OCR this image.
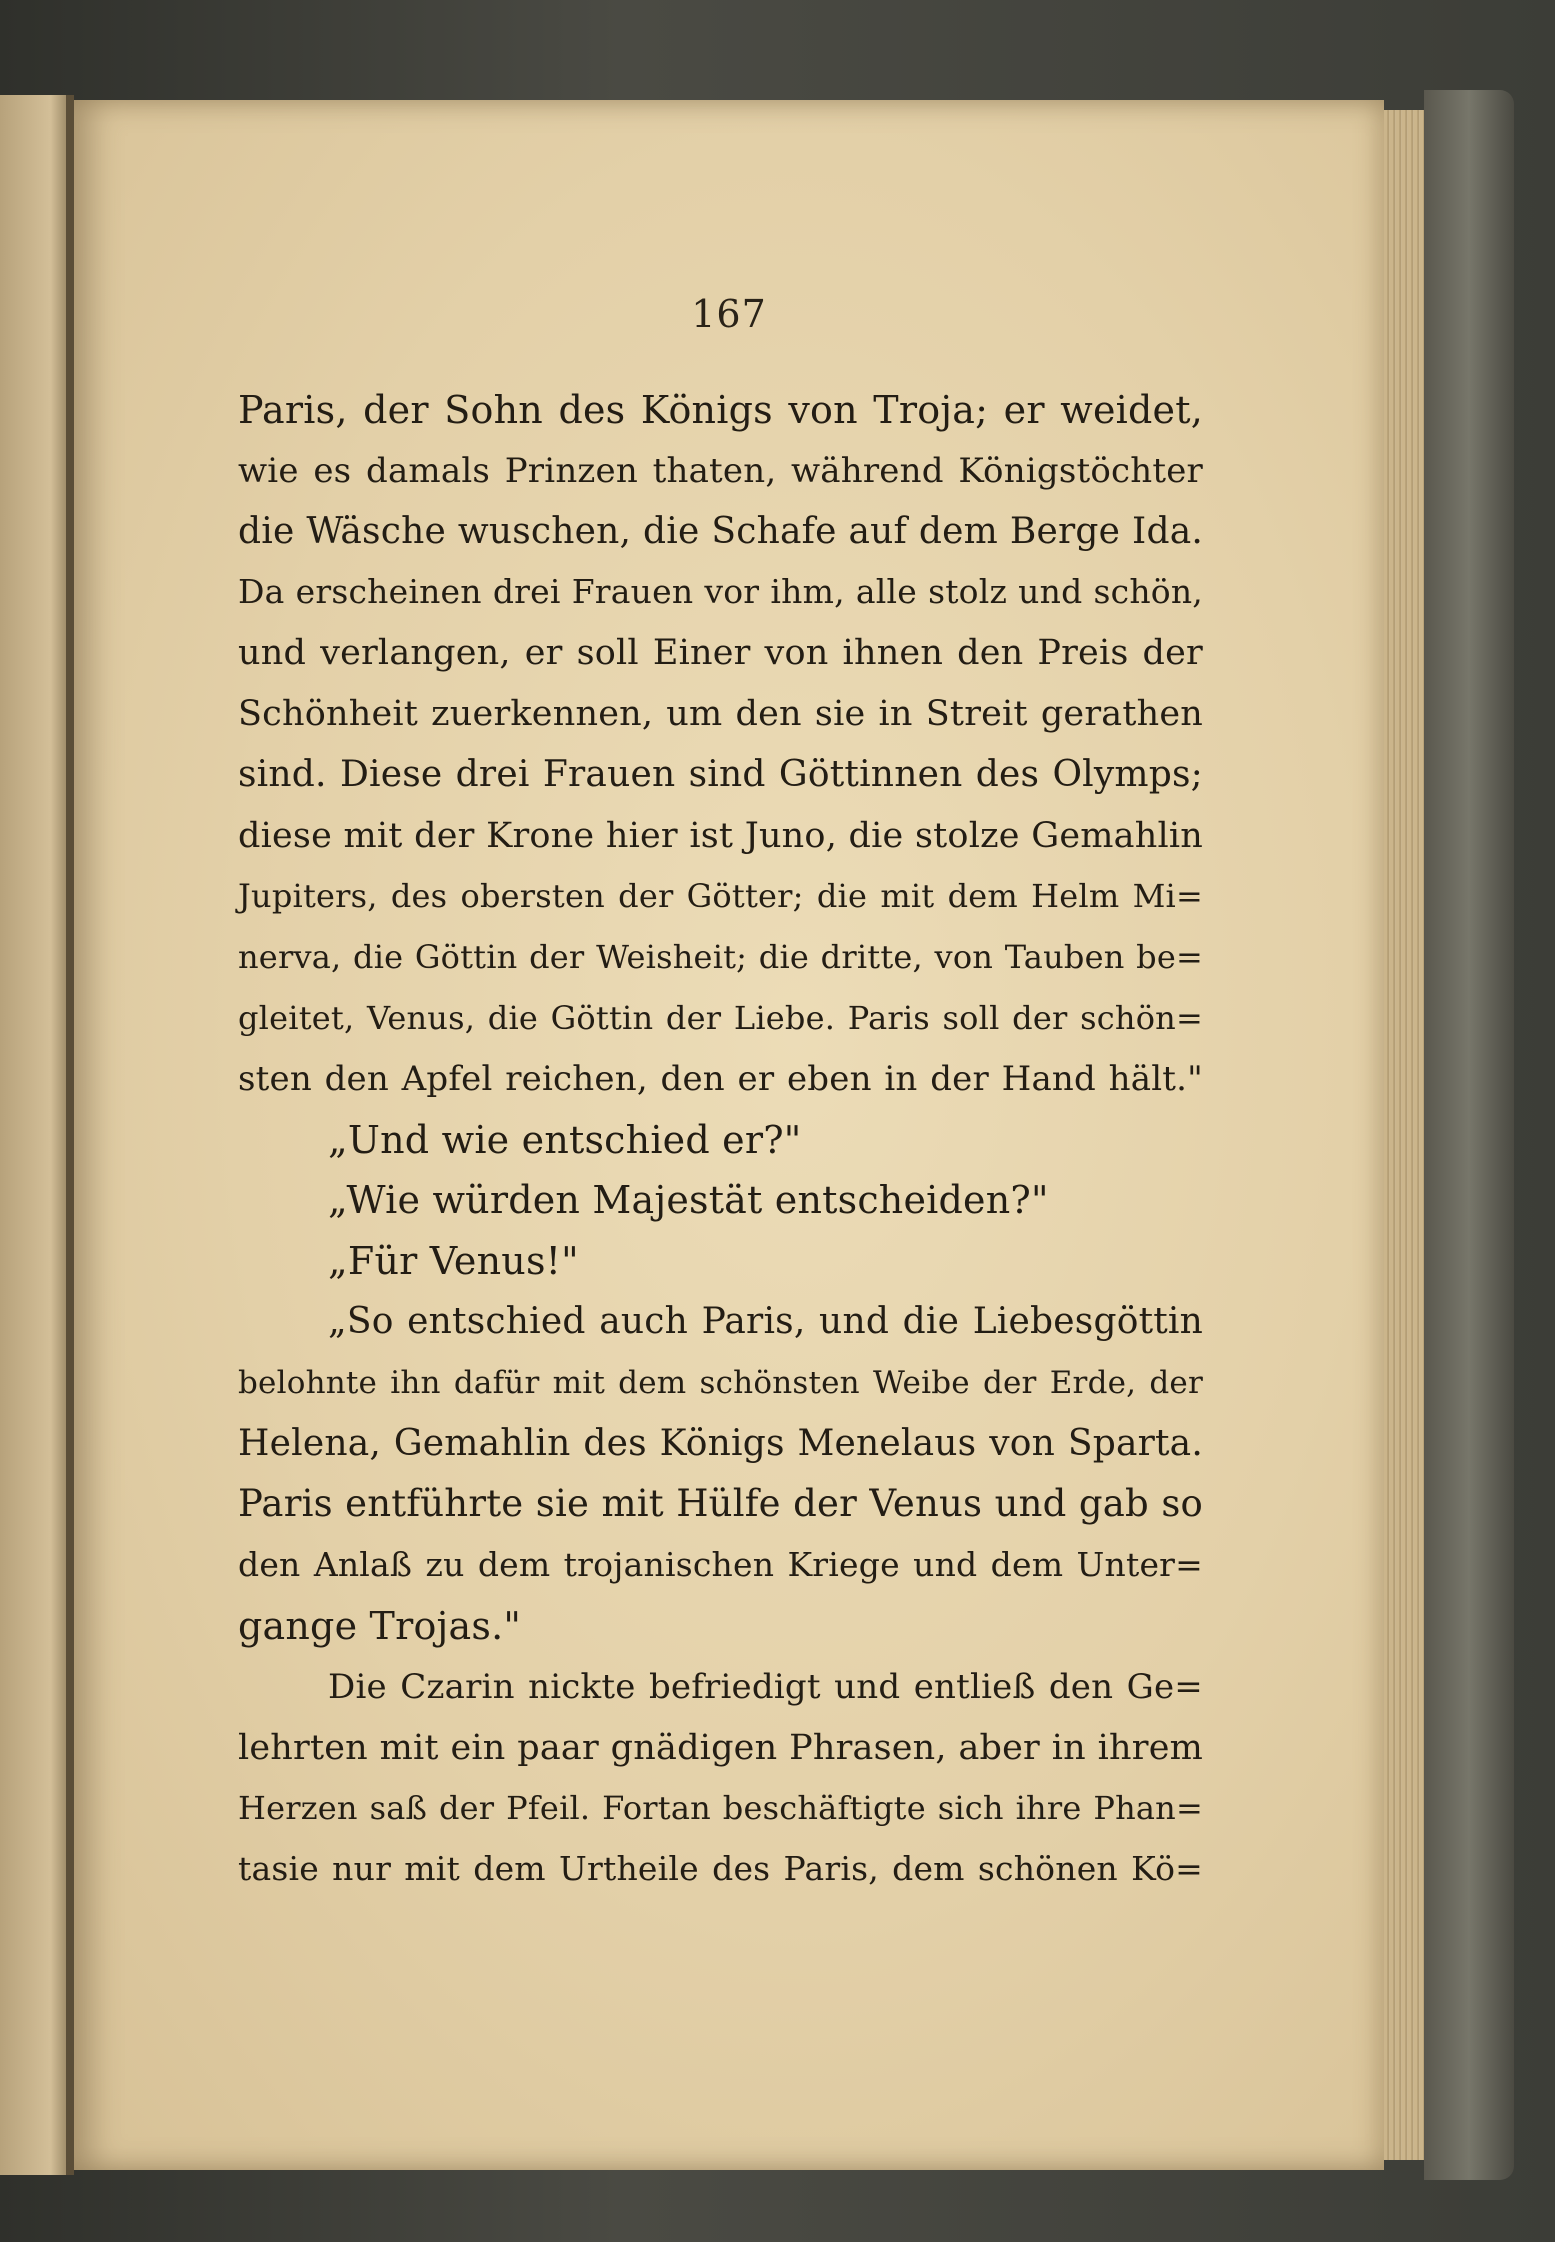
167
Paris, der Sohn des Königs von Troja; er weidet,
wie es damals Prinzen thaten, während Königstöchter
die Wäsche wuschen, die Schafe auf dem Berge Ida.
Da erscheinen drei Frauen vor ihm, alle stolz und schön,
und verlangen, er soll Einer von ihnen den Preis der
Schönheit zuerkennen, um den sie in Streit gerathen
sind. Diese drei Frauen sind Göttinnen des Olymps;
diese mit der Krone hier ist Juno, die stolze Gemahlin
Jupiters, des obersten der Götter; die mit dem Helm Mi=
nerva, die Göttin der Weisheit; die dritte, von Tauben be=
gleitet, Venus, die Göttin der Liebe. Paris soll der schön=
sten den Apfel reichen, den er eben in der Hand hält."
„Und wie entschied er?"
„Wie würden Majestät entscheiden?"
„Für Venus!"
„So entschied auch Paris, und die Liebesgöttin
belohnte ihn dafür mit dem schönsten Weibe der Erde, der
Helena, Gemahlin des Königs Menelaus von Sparta.
Paris entführte sie mit Hülfe der Venus und gab so
den Anlaß zu dem trojanischen Kriege und dem Unter=
gange Trojas."
Die Czarin nickte befriedigt und entließ den Ge=
lehrten mit ein paar gnädigen Phrasen, aber in ihrem
Herzen saß der Pfeil. Fortan beschäftigte sich ihre Phan=
tasie nur mit dem Urtheile des Paris, dem schönen Kö=
